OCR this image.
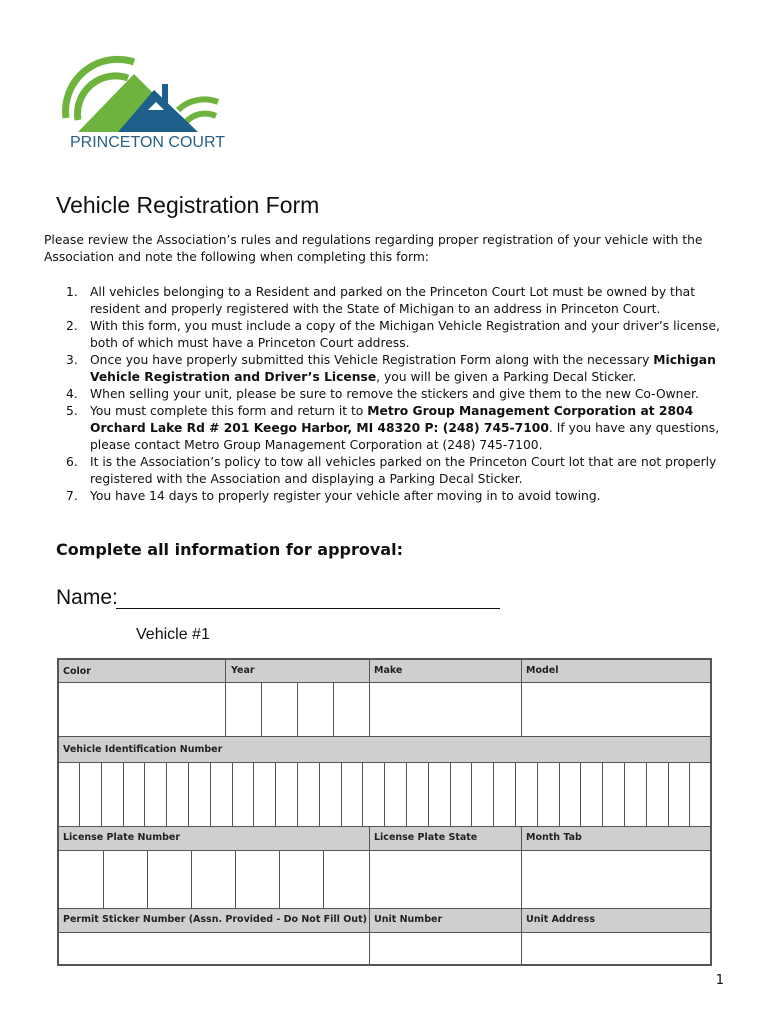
PRINCETON COURT
Vehicle Registration Form
Please review the Association’s rules and regulations regarding proper registration of your vehicle with the Association and note the following when completing this form:
1. All vehicles belonging to a Resident and parked on the Princeton Court Lot must be owned by that resident and properly registered with the State of Michigan to an address in Princeton Court.
2. With this form, you must include a copy of the Michigan Vehicle Registration and your driver’s license, both of which must have a Princeton Court address.
3. Once you have properly submitted this Vehicle Registration Form along with the necessary Michigan Vehicle Registration and Driver’s License, you will be given a Parking Decal Sticker.
4. When selling your unit, please be sure to remove the stickers and give them to the new Co-Owner.
5. You must complete this form and return it to Metro Group Management Corporation at 2804 Orchard Lake Rd # 201 Keego Harbor, MI 48320 P: (248) 745-7100. If you have any questions, please contact Metro Group Management Corporation at (248) 745-7100.
6. It is the Association’s policy to tow all vehicles parked on the Princeton Court lot that are not properly registered with the Association and displaying a Parking Decal Sticker.
7. You have 14 days to properly register your vehicle after moving in to avoid towing.
Complete all information for approval:
Name:
Vehicle #1
Color	Year	Make	Model
Vehicle Identification Number
License Plate Number	License Plate State	Month Tab
Permit Sticker Number (Assn. Provided - Do Not Fill Out) Unit Number	Unit Address
1
